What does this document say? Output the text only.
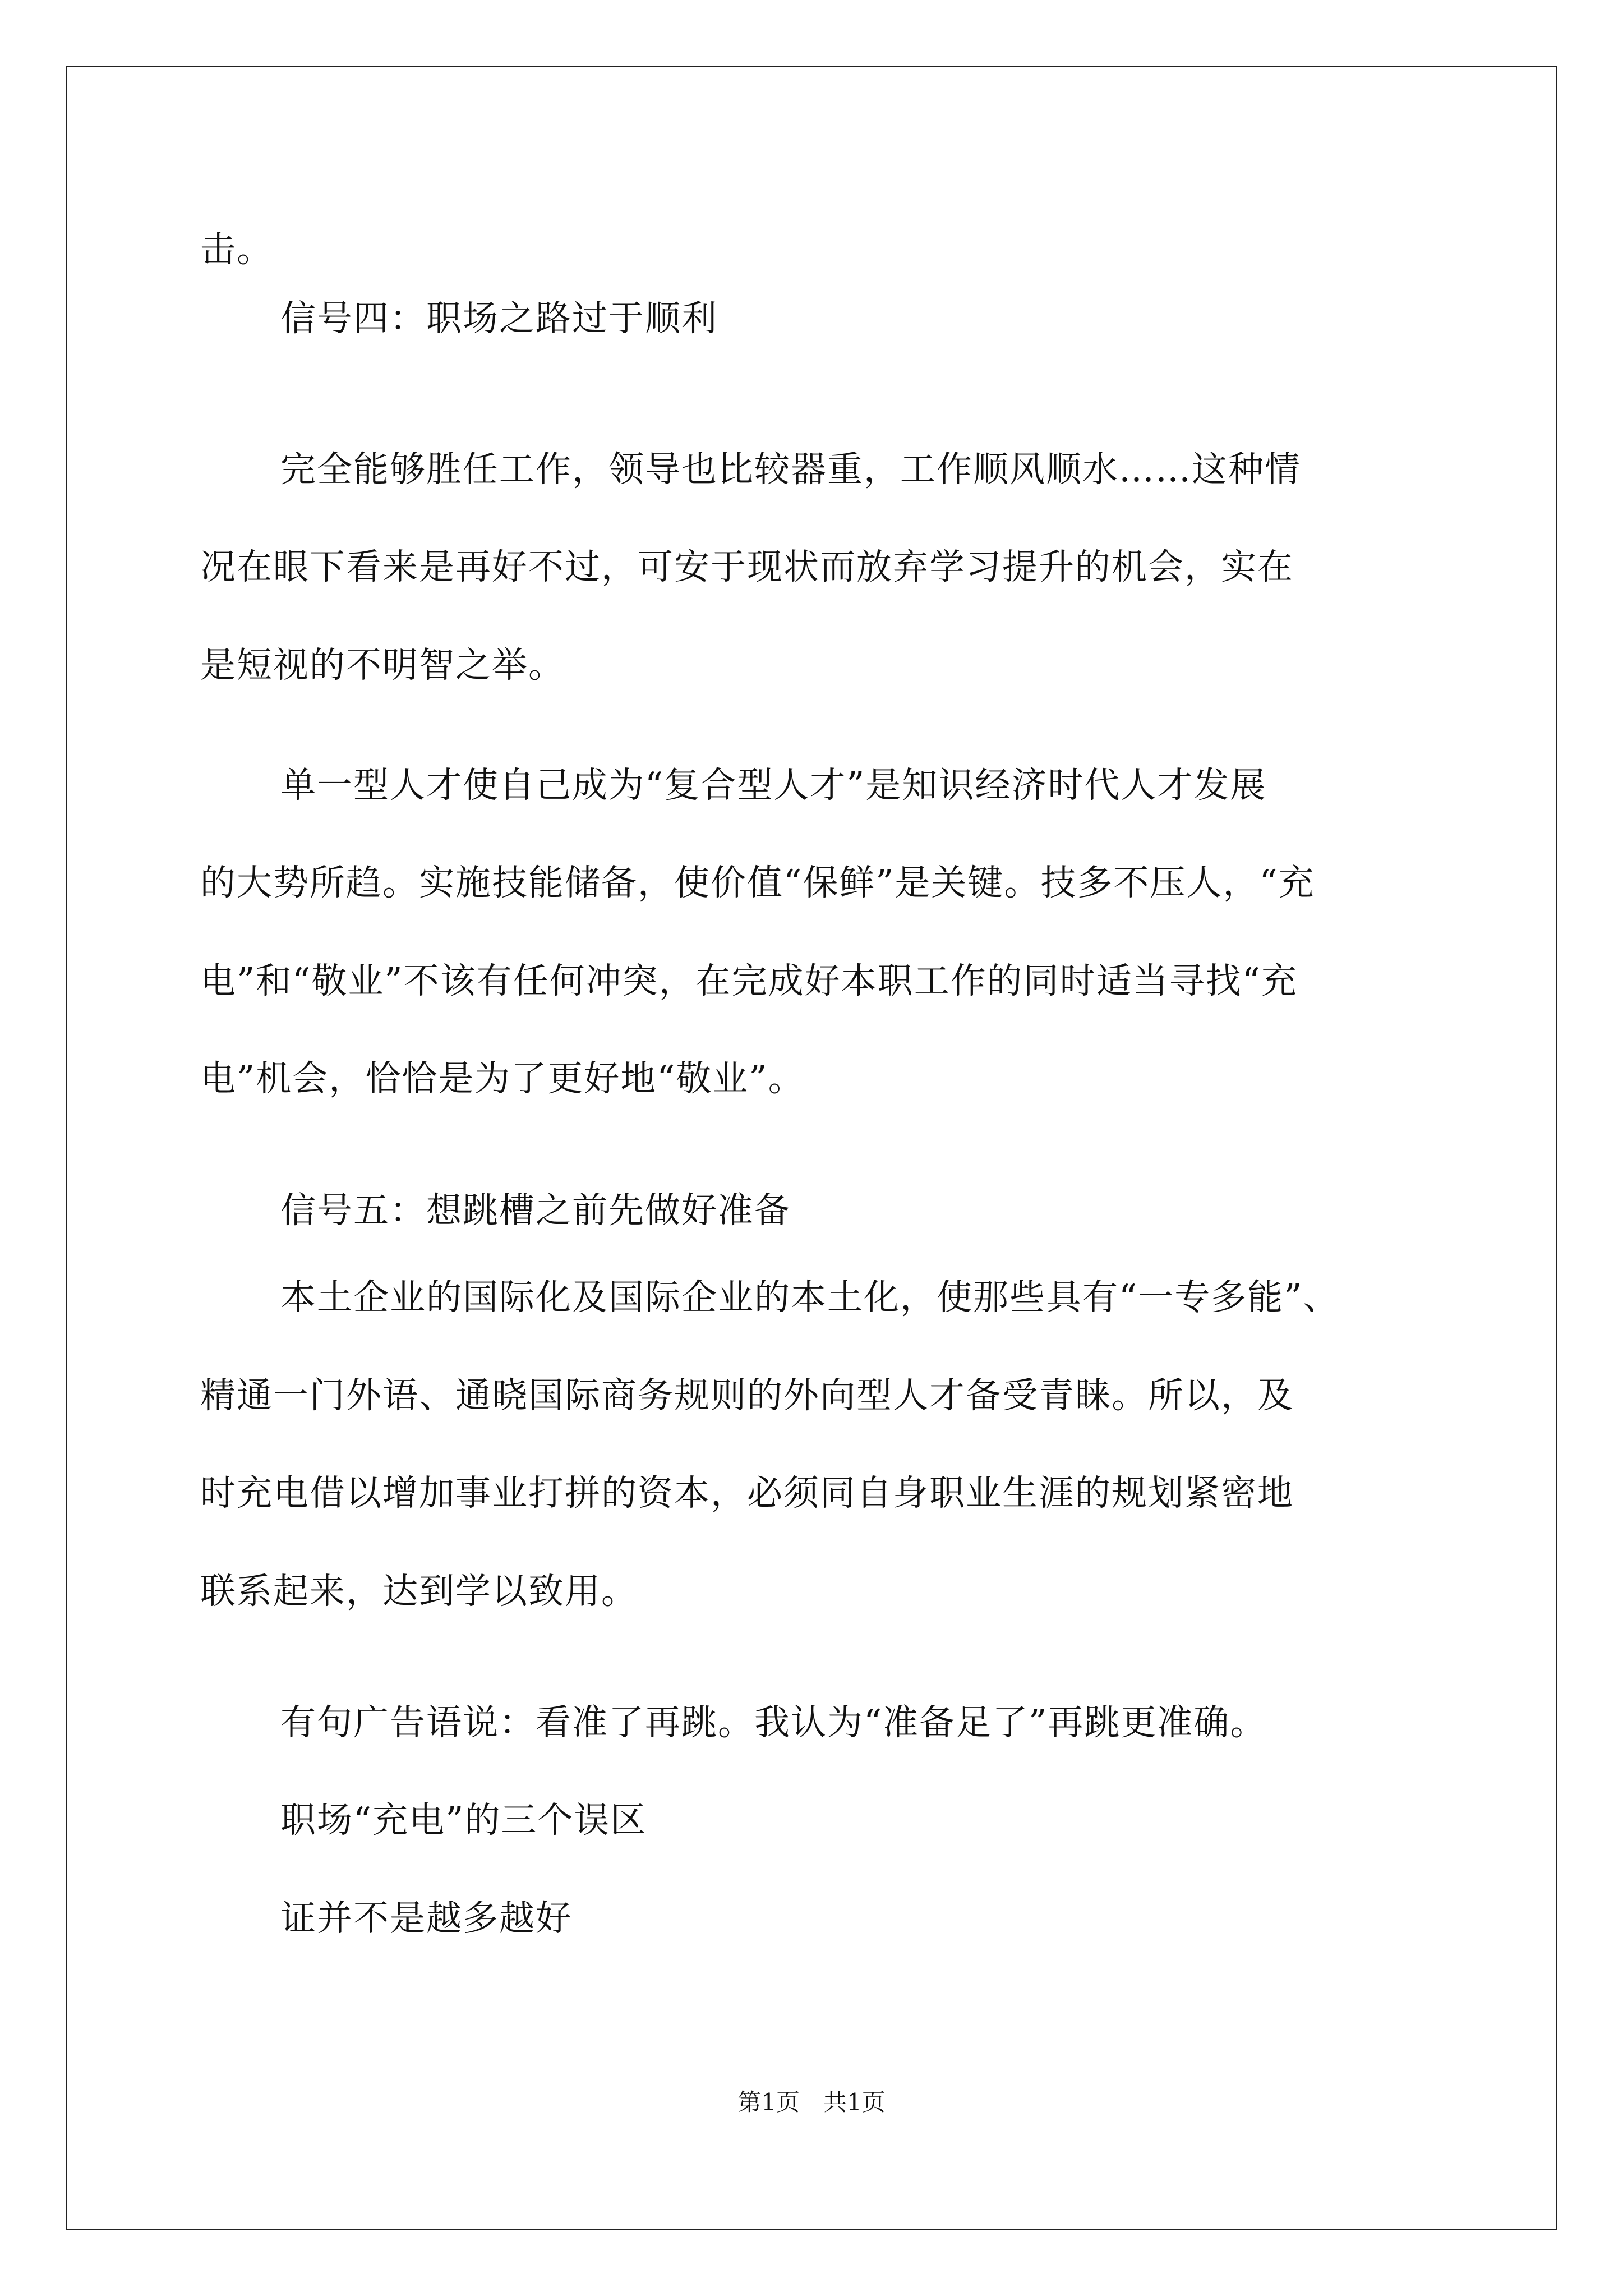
击。
信号四：职场之路过于顺利
完全能够胜任工作，领导也比较器重，工作顺风顺水……这种情
况在眼下看来是再好不过，可安于现状而放弃学习提升的机会，实在
是短视的不明智之举。
单一型人才使自己成为“复合型人才”是知识经济时代人才发展
的大势所趋。实施技能储备，使价值“保鲜”是关键。技多不压人，“充
电”和“敬业”不该有任何冲突，在完成好本职工作的同时适当寻找“充
电”机会，恰恰是为了更好地“敬业”。
信号五：想跳槽之前先做好准备
本土企业的国际化及国际企业的本土化，使那些具有“一专多能”、
精通一门外语、通晓国际商务规则的外向型人才备受青睐。所以，及
时充电借以增加事业打拼的资本，必须同自身职业生涯的规划紧密地
联系起来，达到学以致用。
有句广告语说：看准了再跳。我认为“准备足了”再跳更准确。
职场“充电”的三个误区
证并不是越多越好
第1页　共1页
